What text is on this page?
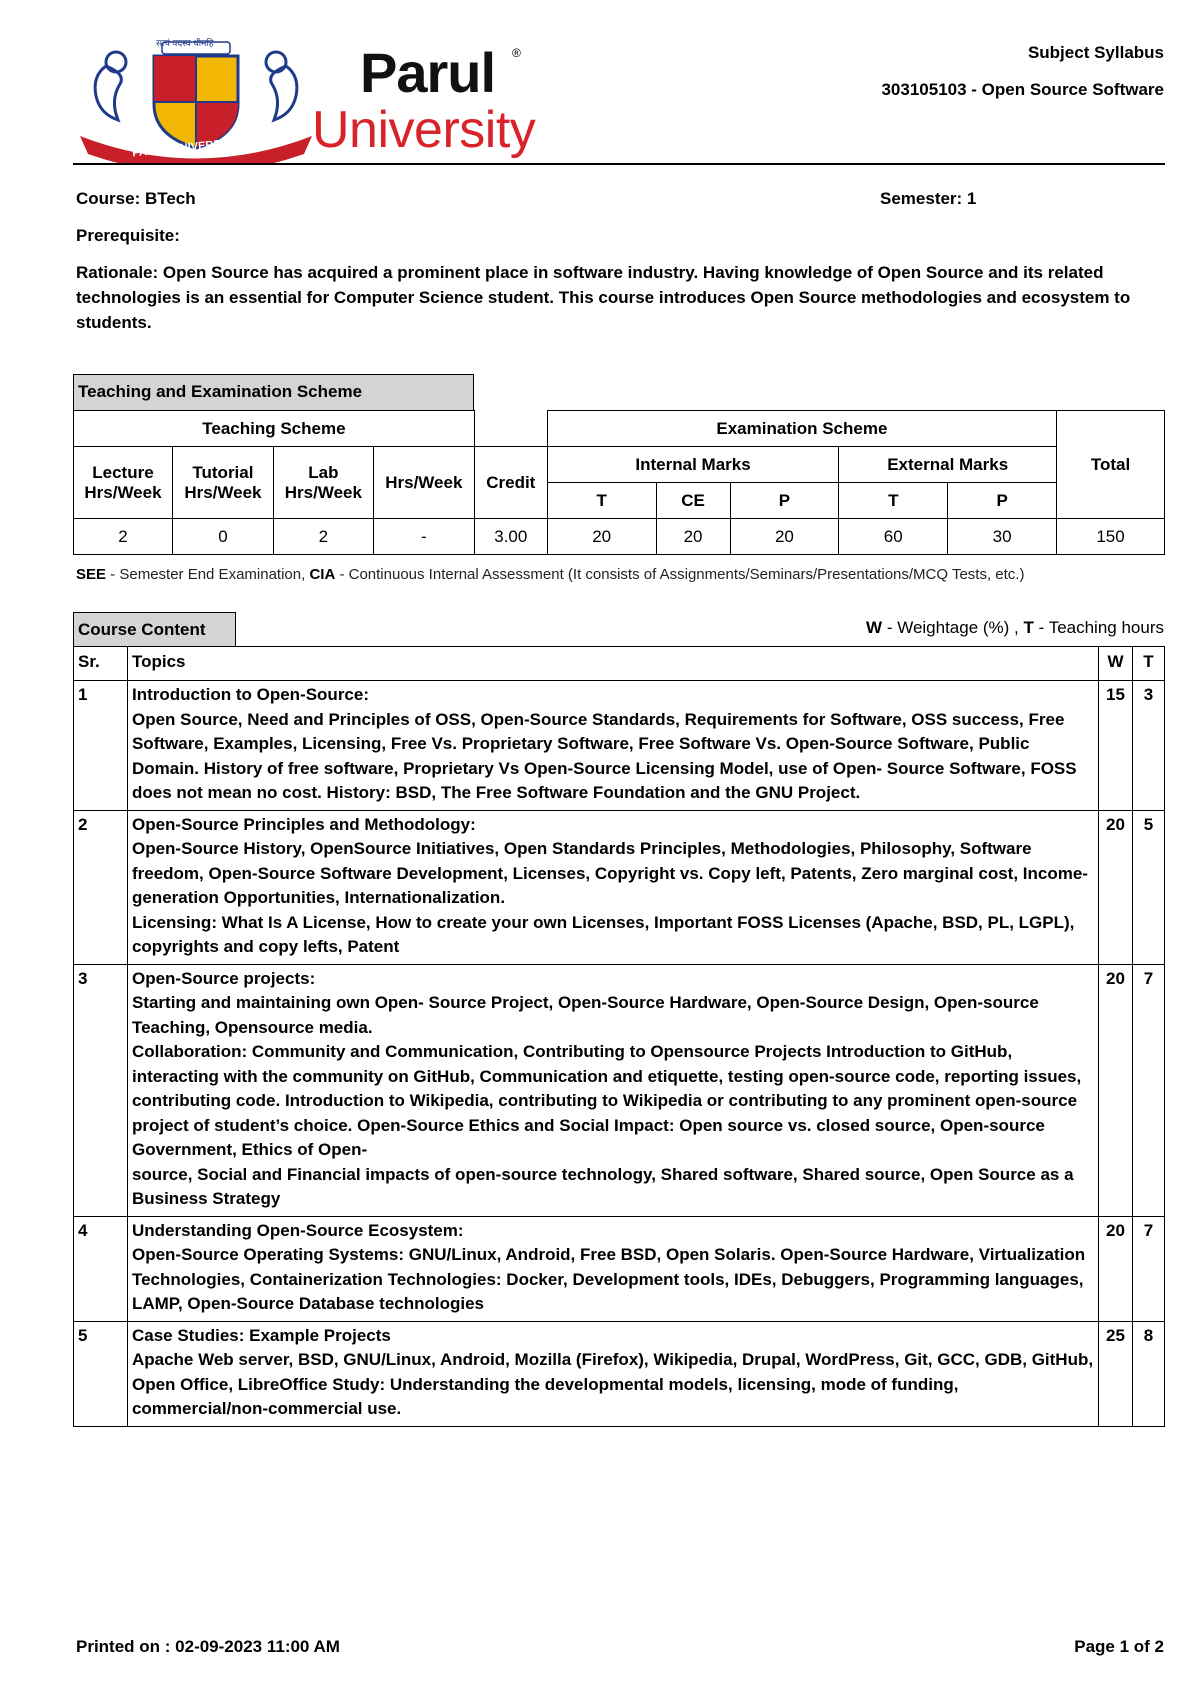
सत्यं वदस्व धीमहि
PARUL UNIVERSITY
Parul ®
University
Subject Syllabus
303105103 - Open Source Software
Course: BTech	Semester: 1
Prerequisite:
Rationale: Open Source has acquired a prominent place in software industry. Having knowledge of Open Source and its related technologies is an essential for Computer Science student. This course introduces Open Source methodologies and ecosystem to students.
Teaching and Examination Scheme
Teaching Scheme					Examination Scheme					Total
Lecture
Hrs/Week	Tutorial
Hrs/Week	Lab
Hrs/Week	Hrs/Week	Credit	Internal Marks			External Marks		
					T	CE	P	T	P	
2	0	2	-	3.00	20	20	20	60	30	150
SEE - Semester End Examination, CIA - Continuous Internal Assessment (It consists of Assignments/Seminars/Presentations/MCQ Tests, etc.)
Course Content	W - Weightage (%) , T - Teaching hours
Sr.	Topics	W	T
1	Introduction to Open-Source:
Open Source, Need and Principles of OSS, Open-Source Standards, Requirements for Software, OSS success, Free Software, Examples, Licensing, Free Vs. Proprietary Software, Free Software Vs. Open-Source Software, Public Domain. History of free software, Proprietary Vs Open-Source Licensing Model, use of Open- Source Software, FOSS does not mean no cost. History: BSD, The Free Software Foundation and the GNU Project.	15	3
2	Open-Source Principles and Methodology:
Open-Source History, OpenSource Initiatives, Open Standards Principles, Methodologies, Philosophy, Software freedom, Open-Source Software Development, Licenses, Copyright vs. Copy left, Patents, Zero marginal cost, Income-generation Opportunities, Internationalization.
Licensing: What Is A License, How to create your own Licenses, Important FOSS Licenses (Apache, BSD, PL, LGPL), copyrights and copy lefts, Patent	20	5
3	Open-Source projects:
Starting and maintaining own Open- Source Project, Open-Source Hardware, Open-Source Design, Open-source Teaching, Opensource media.
Collaboration: Community and Communication, Contributing to Opensource Projects Introduction to GitHub, interacting with the community on GitHub, Communication and etiquette, testing open-source code, reporting issues, contributing code. Introduction to Wikipedia, contributing to Wikipedia or contributing to any prominent open-source project of student’s choice. Open-Source Ethics and Social Impact: Open source vs. closed source, Open-source Government, Ethics of Open-
source, Social and Financial impacts of open-source technology, Shared software, Shared source, Open Source as a Business Strategy	20	7
4	Understanding Open-Source Ecosystem:
Open-Source Operating Systems: GNU/Linux, Android, Free BSD, Open Solaris. Open-Source Hardware, Virtualization Technologies, Containerization Technologies: Docker, Development tools, IDEs, Debuggers, Programming languages, LAMP, Open-Source Database technologies	20	7
5	Case Studies: Example Projects
Apache Web server, BSD, GNU/Linux, Android, Mozilla (Firefox), Wikipedia, Drupal, WordPress, Git, GCC, GDB, GitHub, Open Office, LibreOffice Study: Understanding the developmental models, licensing, mode of funding, commercial/non-commercial use.	25	8
Printed on : 02-09-2023 11:00 AM	Page 1 of 2
